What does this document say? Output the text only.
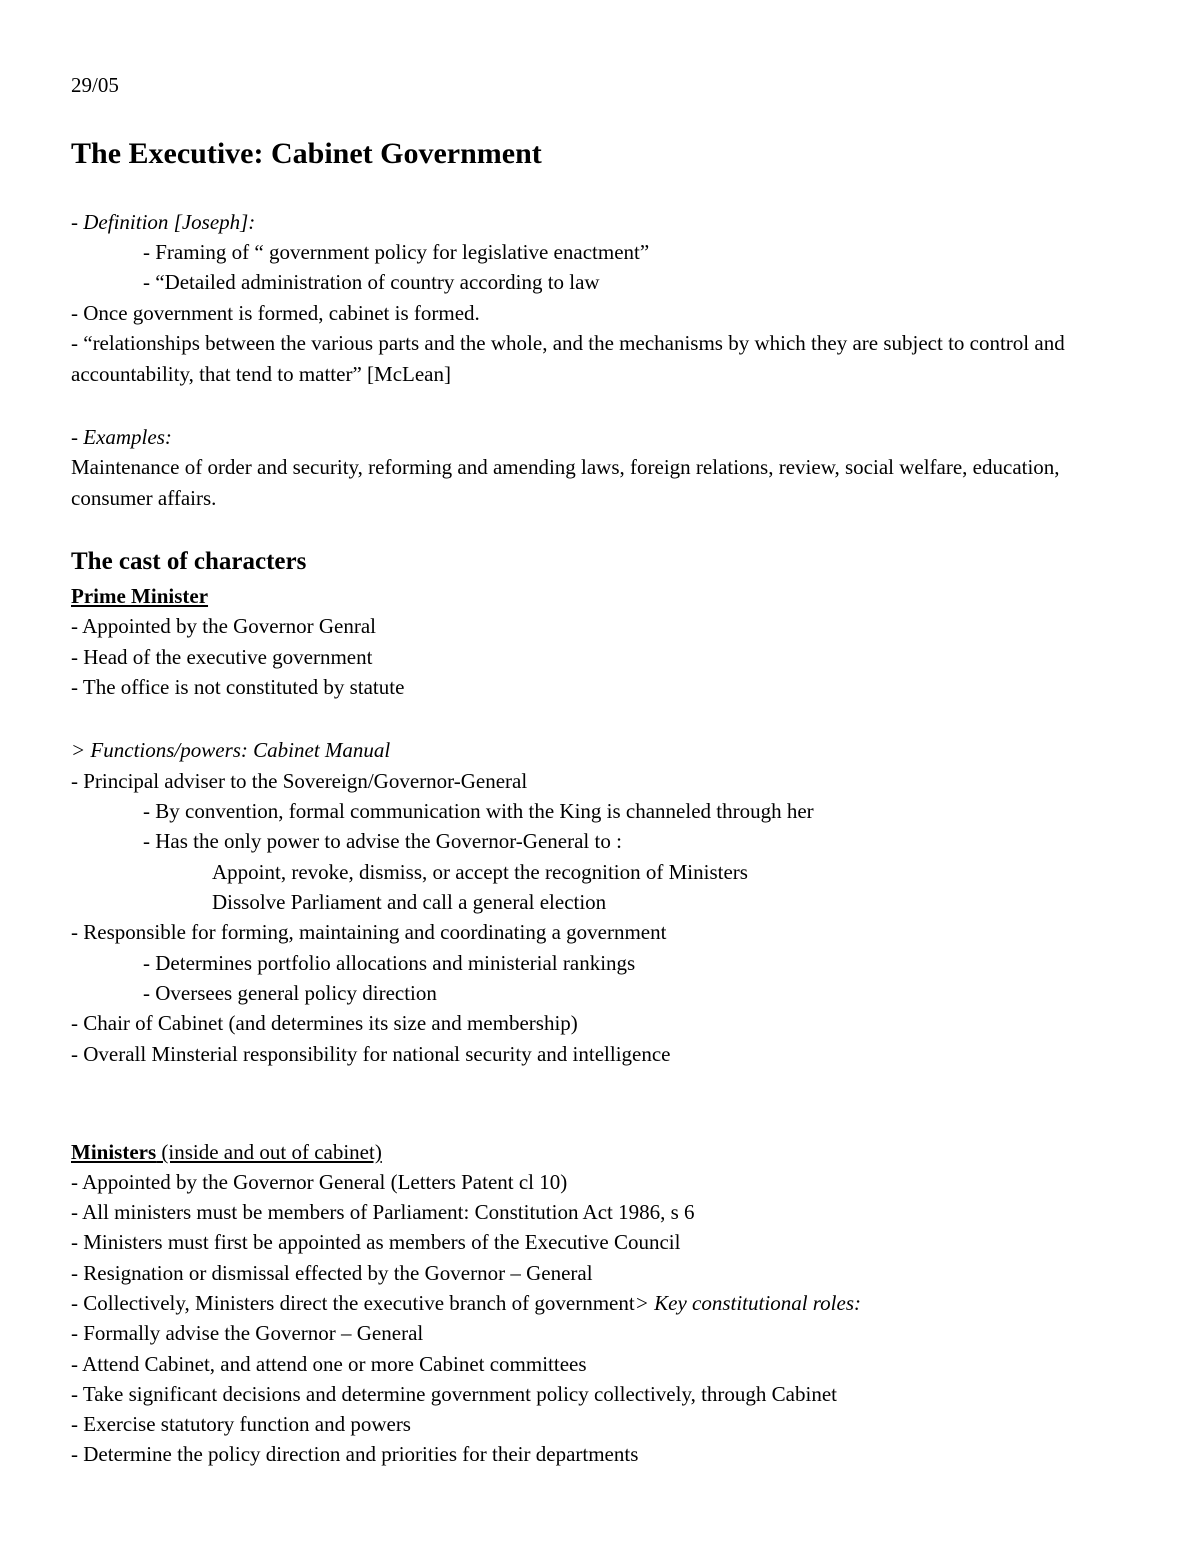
29/05
The Executive: Cabinet Government
- Definition [Joseph]:
- Framing of “ government policy for legislative enactment”
- “Detailed administration of country according to law
- Once government is formed, cabinet is formed.
- “relationships between the various parts and the whole, and the mechanisms by which they are subject to control and accountability, that tend to matter” [McLean]
- Examples:
Maintenance of order and security, reforming and amending laws, foreign relations, review, social welfare, education, consumer affairs.
The cast of characters
Prime Minister
- Appointed by the Governor Genral
- Head of the executive government
- The office is not constituted by statute
> Functions/powers: Cabinet Manual
- Principal adviser to the Sovereign/Governor-General
- By convention, formal communication with the King is channeled through her
- Has the only power to advise the Governor-General to :
Appoint, revoke, dismiss, or accept the recognition of Ministers
Dissolve Parliament and call a general election
- Responsible for forming, maintaining and coordinating a government
- Determines portfolio allocations and ministerial rankings
- Oversees general policy direction
- Chair of Cabinet (and determines its size and membership)
- Overall Minsterial responsibility for national security and intelligence
Ministers (inside and out of cabinet)
- Appointed by the Governor General (Letters Patent cl 10)
- All ministers must be members of Parliament: Constitution Act 1986, s 6
- Ministers must first be appointed as members of the Executive Council
- Resignation or dismissal effected by the Governor – General
- Collectively, Ministers direct the executive branch of government> Key constitutional roles:
- Formally advise the Governor – General
- Attend Cabinet, and attend one or more Cabinet committees
- Take significant decisions and determine government policy collectively, through Cabinet
- Exercise statutory function and powers
- Determine the policy direction and priorities for their departments
